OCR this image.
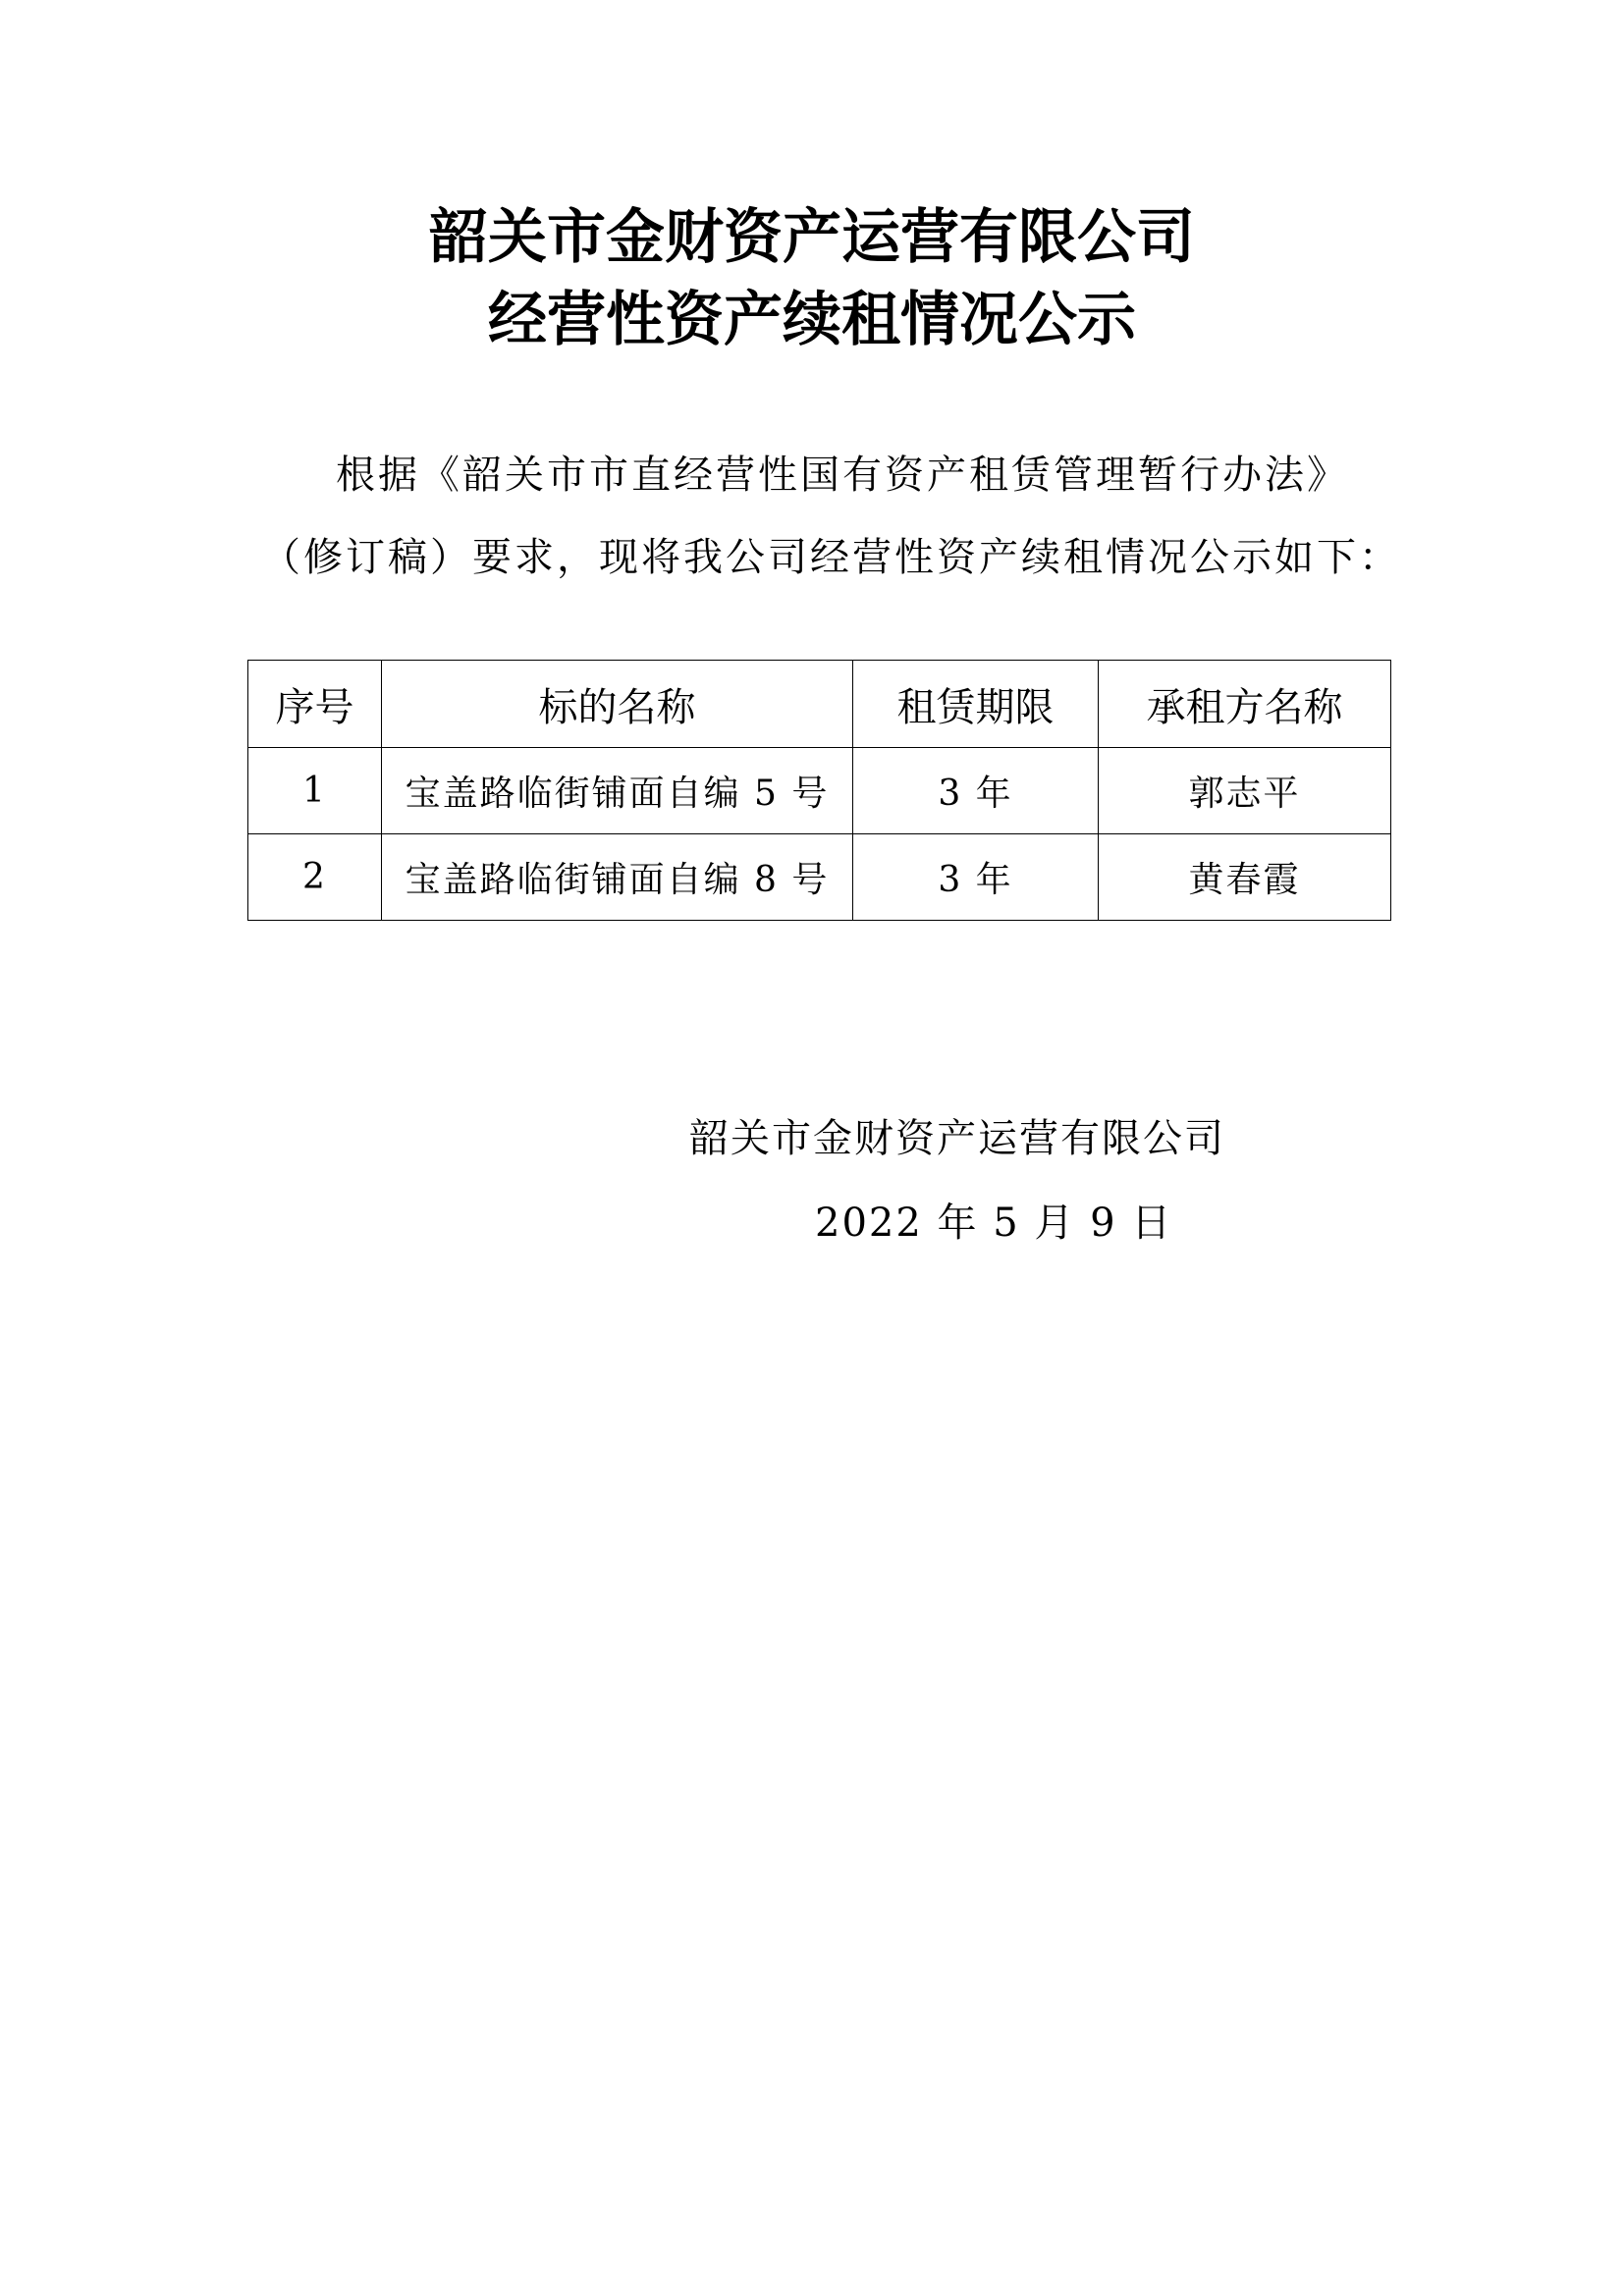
韶关市金财资产运营有限公司
经营性资产续租情况公示

根据《韶关市市直经营性国有资产租赁管理暂行办法》

（修订稿）要求，现将我公司经营性资产续租情况公示如下：

序号	标的名称	租赁期限	承租方名称
1	宝盖路临街铺面自编 5 号	3 年	郭志平
2	宝盖路临街铺面自编 8 号	3 年	黄春霞

韶关市金财资产运营有限公司

2022 年 5 月 9 日
